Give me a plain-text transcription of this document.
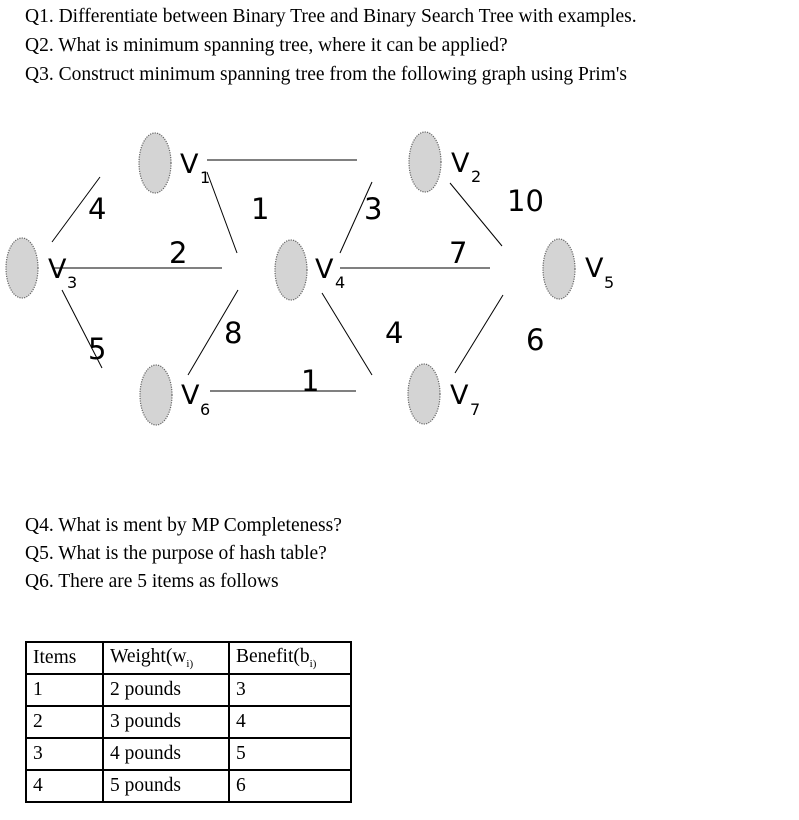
Q1. Differentiate between Binary Tree and Binary Search Tree with examples.
Q2. What is minimum spanning tree, where it can be applied?
Q3. Construct minimum spanning tree from the following graph using Prim's
V 1	V 2
V 3	V 4	V 5
V 6	V 7
1
4
2
3	10
5	8
7
1
4	6
Q4. What is ment by MP Completeness?
Q5. What is the purpose of hash table?
Q6. There are 5 items as follows
Items	$Weight(w_{i)}$	$Benefit(b_{i)}$
1	2 pounds	3
2	3 pounds	4
3	4 pounds	5
4	5 pounds	6
